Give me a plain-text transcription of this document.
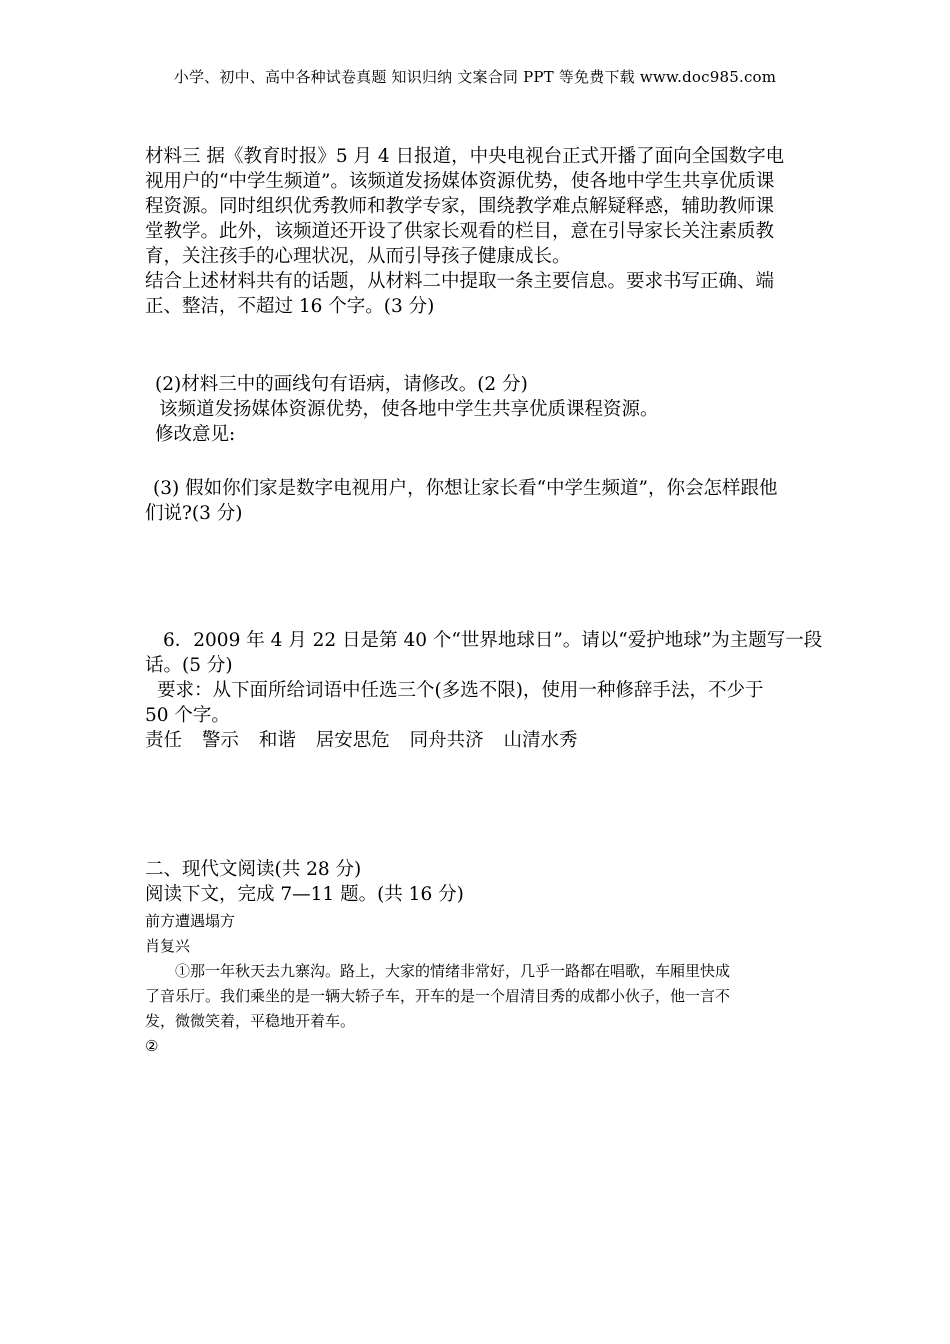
小学、初中、高中各种试卷真题 知识归纳 文案合同 PPT 等免费下载 www.doc985.com
材料三 据《教育时报》5 月 4 日报道，中央电视台正式开播了面向全国数字电
视用户的“中学生频道”。该频道发扬媒体资源优势，使各地中学生共享优质课
程资源。同时组织优秀教师和教学专家，围绕教学难点解疑释惑，辅助教师课
堂教学。此外，该频道还开设了供家长观看的栏目，意在引导家长关注素质教
育，关注孩手的心理状况，从而引导孩子健康成长。
结合上述材料共有的话题，从材料二中提取一条主要信息。要求书写正确、端
正、整洁，不超过 16 个字。(3 分)
(2)材料三中的画线句有语病，请修改。(2 分)
该频道发扬媒体资源优势，使各地中学生共享优质课程资源。
修改意见:
(3) 假如你们家是数字电视用户，你想让家长看“中学生频道”，你会怎样跟他
们说?(3 分)
6．2009 年 4 月 22 日是第 40 个“世界地球日”。请以“爱护地球”为主题写一段
话。(5 分)
要求：从下面所给词语中任选三个(多选不限)，使用一种修辞手法，不少于
50 个字。
责任 警示 和谐 居安思危 同舟共济 山清水秀
二、现代文阅读(共 28 分)
阅读下文，完成 7—11 题。(共 16 分)
前方遭遇塌方
肖复兴
①那一年秋天去九寨沟。路上，大家的情绪非常好，几乎一路都在唱歌，车厢里快成
了音乐厅。我们乘坐的是一辆大轿子车，开车的是一个眉清目秀的成都小伙子，他一言不
发，微微笑着，平稳地开着车。
②
